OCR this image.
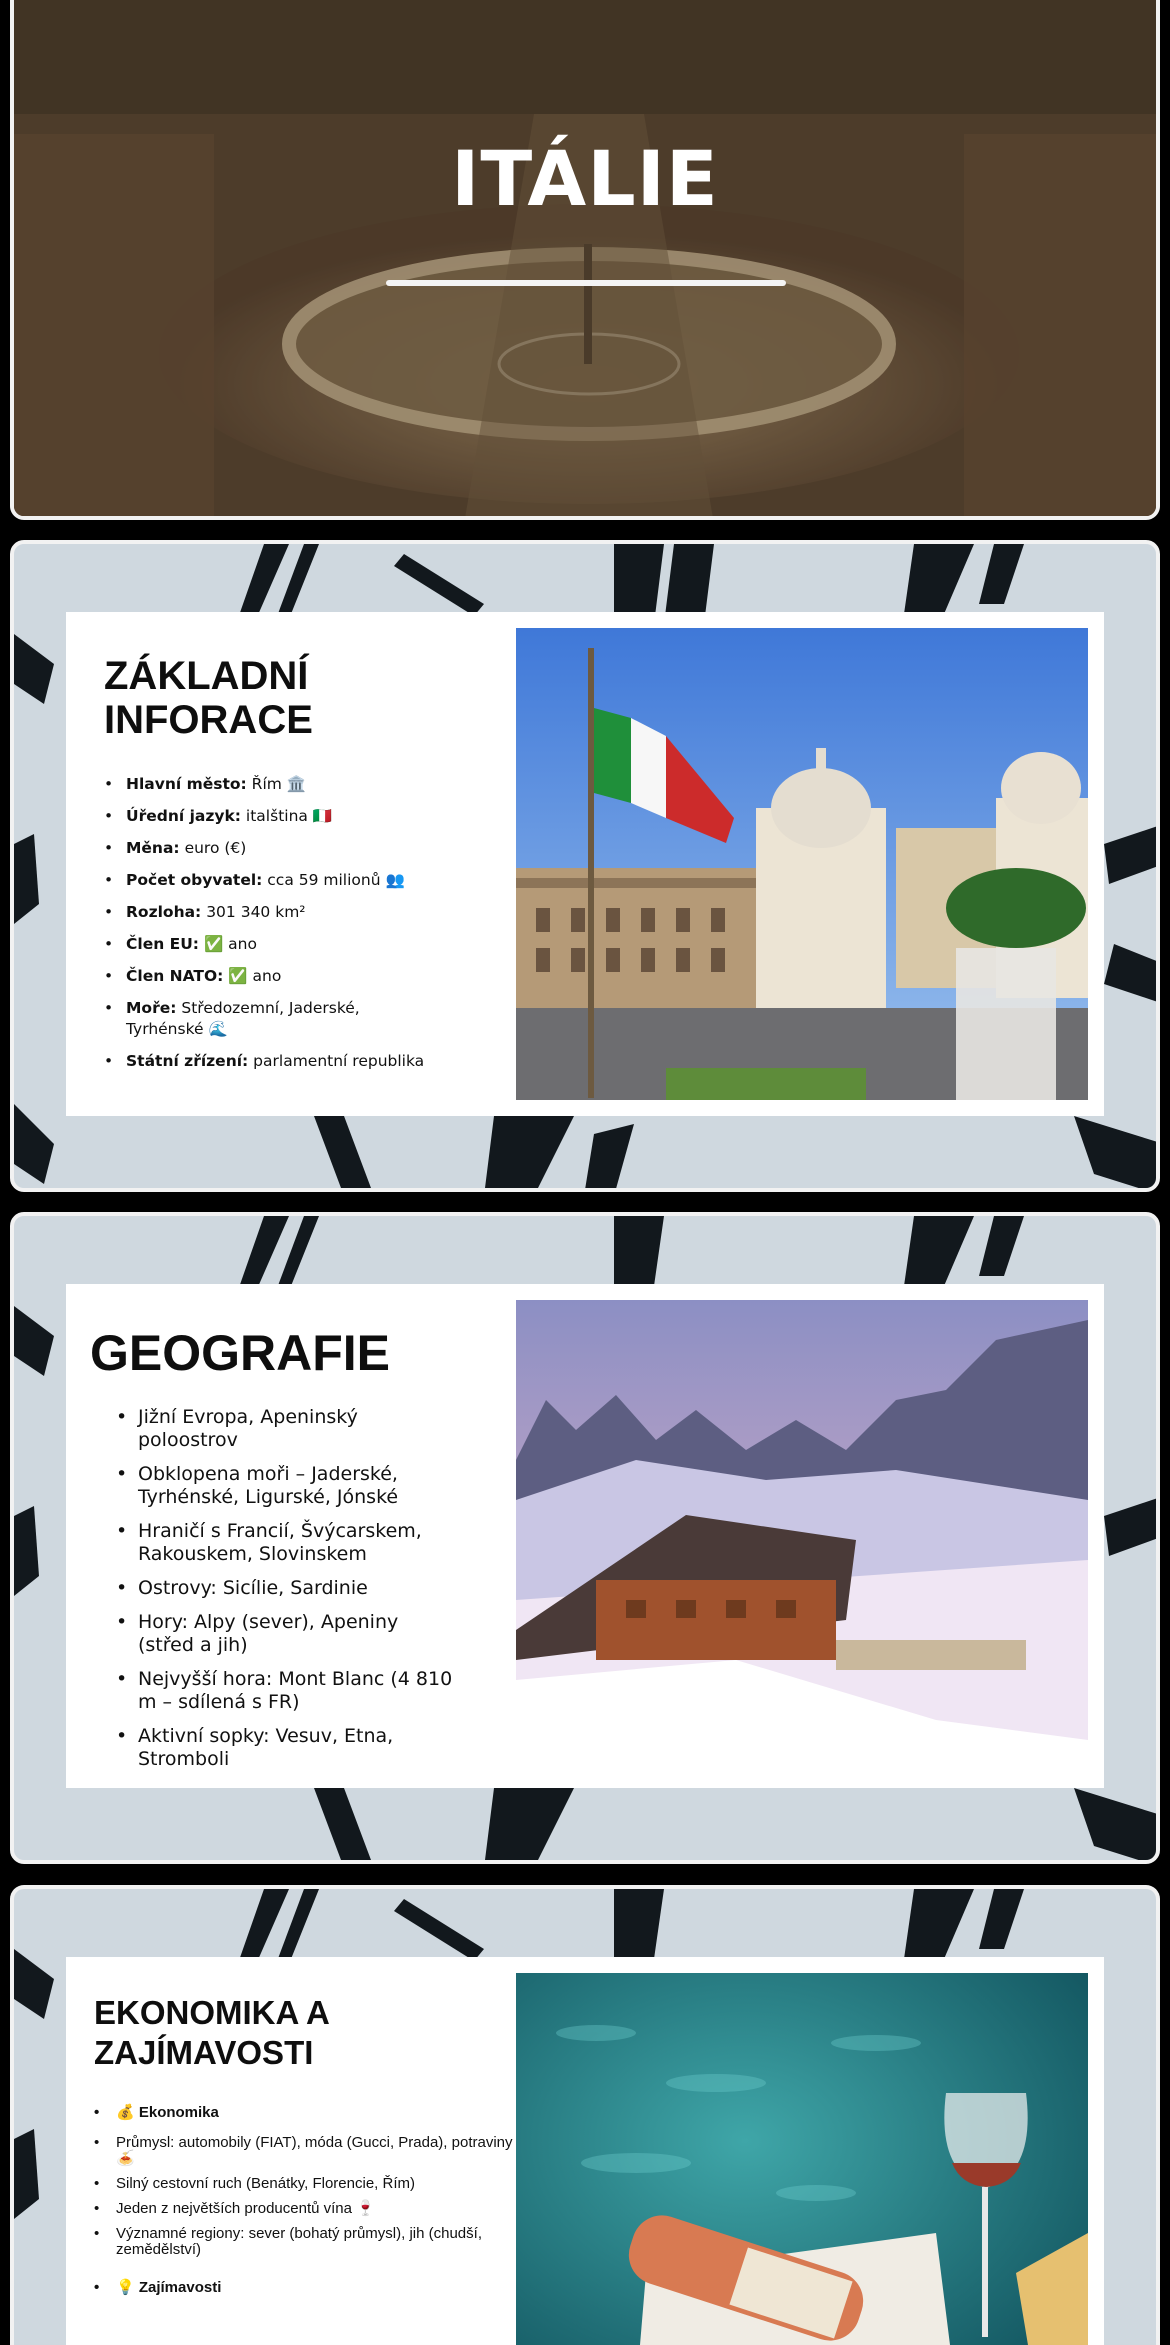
ITÁLIE
ZÁKLADNÍ
INFORACE
• Hlavní město: Řím 🏛️
• Úřední jazyk: italština 🇮🇹
• Měna: euro (€)
• Počet obyvatel: cca 59 milionů 👥
• Rozloha: 301 340 km²
• Člen EU: ✅ ano
• Člen NATO: ✅ ano
• Moře: Středozemní, Jaderské, Tyrhénské 🌊
• Státní zřízení: parlamentní republika
GEOGRAFIE
• Jižní Evropa, Apeninský poloostrov
• Obklopena moři – Jaderské, Tyrhénské, Ligurské, Jónské
• Hraničí s Francií, Švýcarskem, Rakouskem, Slovinskem
• Ostrovy: Sicílie, Sardinie
• Hory: Alpy (sever), Apeniny (střed a jih)
• Nejvyšší hora: Mont Blanc (4 810 m – sdílená s FR)
• Aktivní sopky: Vesuv, Etna, Stromboli
EKONOMIKA A
ZAJÍMAVOSTI
• 💰 Ekonomika
• Průmysl: automobily (FIAT), móda (Gucci, Prada), potraviny 🍝
• Silný cestovní ruch (Benátky, Florencie, Řím)
• Jeden z největších producentů vína 🍷
• Významné regiony: sever (bohatý průmysl), jih (chudší, zemědělství)
• 💡 Zajímavosti
